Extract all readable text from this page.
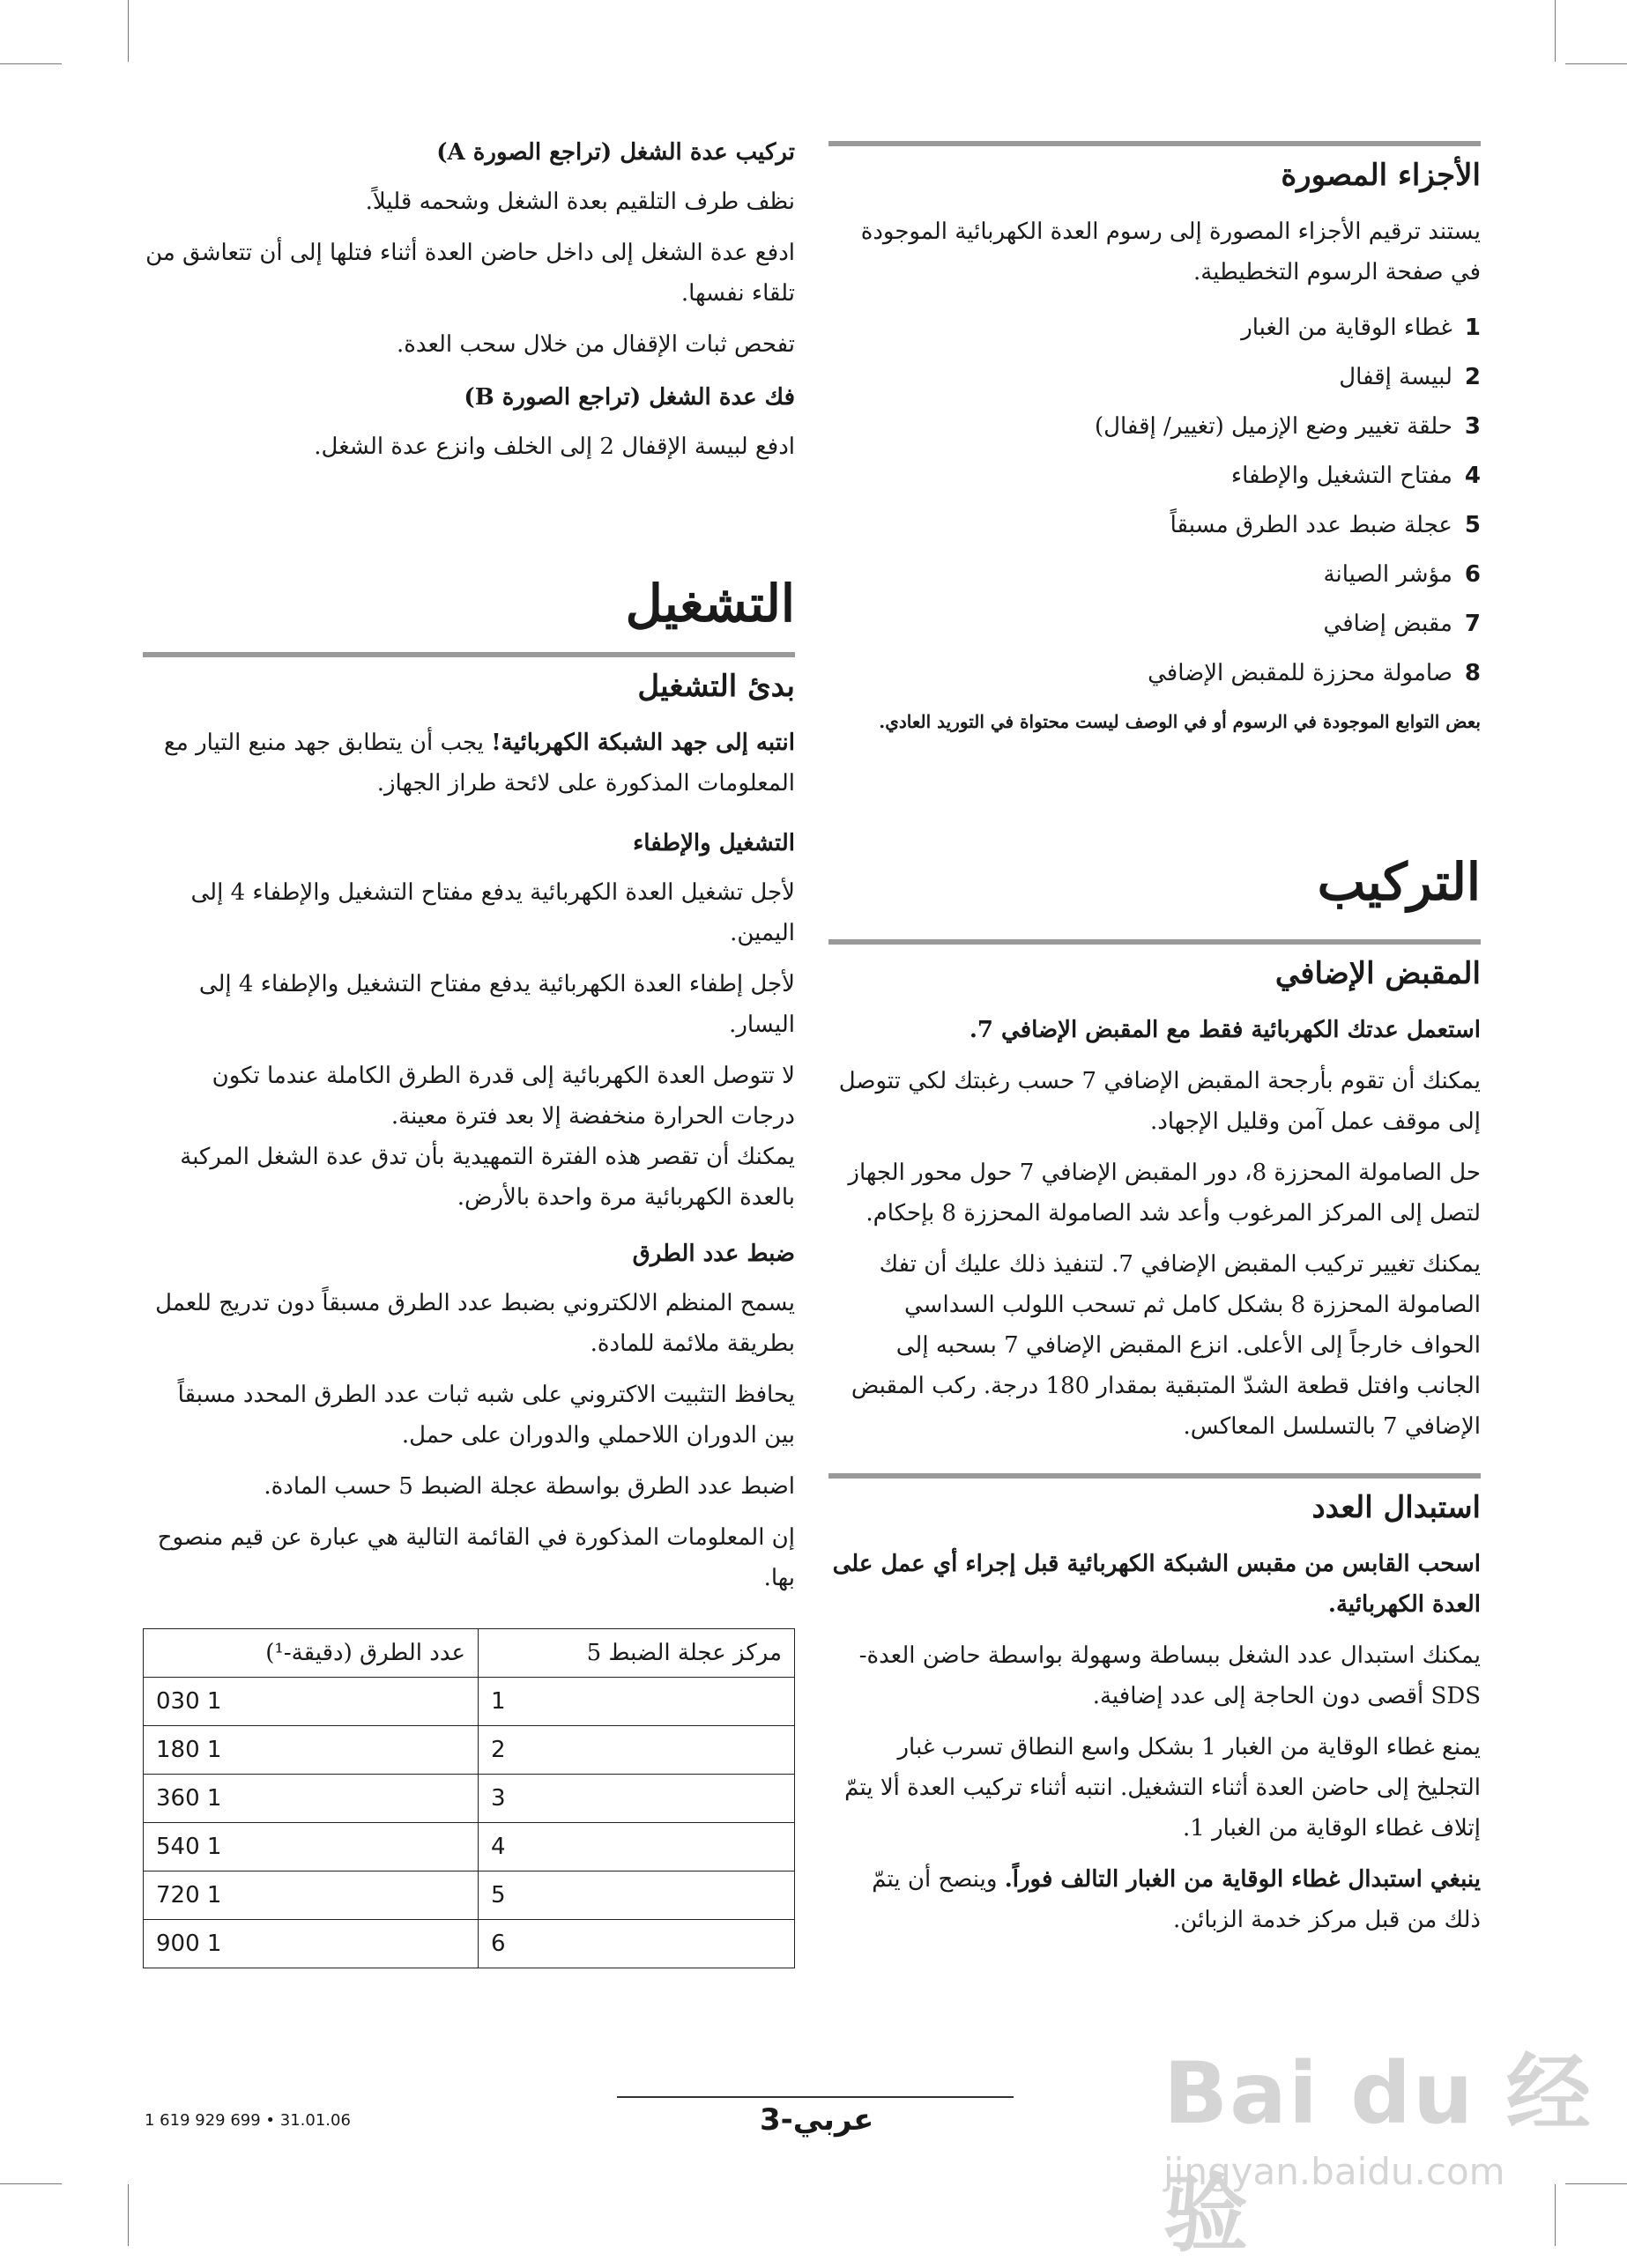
الأجزاء المصورة

يستند ترقيم الأجزاء المصورة إلى رسوم العدة الكهربائية الموجودة في صفحة الرسوم التخطيطية.

1غطاء الوقاية من الغبار
2لبيسة إقفال
3حلقة تغيير وضع الإزميل (تغيير/ إقفال)
4مفتاح التشغيل والإطفاء
5عجلة ضبط عدد الطرق مسبقاً
6مؤشر الصيانة
7مقبض إضافي
8صامولة محززة للمقبض الإضافي

بعض التوابع الموجودة في الرسوم أو في الوصف ليست محتواة في التوريد العادي.

التركيب
المقبض الإضافي

استعمل عدتك الكهربائية فقط مع المقبض الإضافي 7.

يمكنك أن تقوم بأرجحة المقبض الإضافي 7 حسب رغبتك لكي تتوصل إلى موقف عمل آمن وقليل الإجهاد.

حل الصامولة المحززة 8، دور المقبض الإضافي 7 حول محور الجهاز لتصل إلى المركز المرغوب وأعد شد الصامولة المحززة 8 بإحكام.

يمكنك تغيير تركيب المقبض الإضافي 7. لتنفيذ ذلك عليك أن تفك الصامولة المحززة 8 بشكل كامل ثم تسحب اللولب السداسي الحواف خارجاً إلى الأعلى. انزع المقبض الإضافي 7 بسحبه إلى الجانب وافتل قطعة الشدّ المتبقية بمقدار 180 درجة. ركب المقبض الإضافي 7 بالتسلسل المعاكس.

استبدال العدد

اسحب القابس من مقبس الشبكة الكهربائية قبل إجراء أي عمل على العدة الكهربائية.

يمكنك استبدال عدد الشغل ببساطة وسهولة بواسطة حاضن العدة-SDS أقصى دون الحاجة إلى عدد إضافية.

يمنع غطاء الوقاية من الغبار 1 بشكل واسع النطاق تسرب غبار التجليخ إلى حاضن العدة أثناء التشغيل. انتبه أثناء تركيب العدة ألا يتمّ إتلاف غطاء الوقاية من الغبار 1.

ينبغي استبدال غطاء الوقاية من الغبار التالف فوراً. وينصح أن يتمّ ذلك من قبل مركز خدمة الزبائن.

تركيب عدة الشغل (تراجع الصورة A)

نظف طرف التلقيم بعدة الشغل وشحمه قليلاً.

ادفع عدة الشغل إلى داخل حاضن العدة أثناء فتلها إلى أن تتعاشق من تلقاء نفسها.

تفحص ثبات الإقفال من خلال سحب العدة.

فك عدة الشغل (تراجع الصورة B)

ادفع لبيسة الإقفال 2 إلى الخلف وانزع عدة الشغل.

التشغيل
بدئ التشغيل

انتبه إلى جهد الشبكة الكهربائية! يجب أن يتطابق جهد منبع التيار مع المعلومات المذكورة على لائحة طراز الجهاز.

التشغيل والإطفاء

لأجل تشغيل العدة الكهربائية يدفع مفتاح التشغيل والإطفاء 4 إلى اليمين.

لأجل إطفاء العدة الكهربائية يدفع مفتاح التشغيل والإطفاء 4 إلى اليسار.

لا تتوصل العدة الكهربائية إلى قدرة الطرق الكاملة عندما تكون درجات الحرارة منخفضة إلا بعد فترة معينة.

يمكنك أن تقصر هذه الفترة التمهيدية بأن تدق عدة الشغل المركبة بالعدة الكهربائية مرة واحدة بالأرض.

ضبط عدد الطرق

يسمح المنظم الالكتروني بضبط عدد الطرق مسبقاً دون تدريج للعمل بطريقة ملائمة للمادة.

يحافظ التثبيت الاكتروني على شبه ثبات عدد الطرق المحدد مسبقاً بين الدوران اللاحملي والدوران على حمل.

اضبط عدد الطرق بواسطة عجلة الضبط 5 حسب المادة.

إن المعلومات المذكورة في القائمة التالية هي عبارة عن قيم منصوح بها.

مركز عجلة الضبط 5	عدد الطرق (دقيقة-¹)
1	1 030
2	1 180
3	1 360
4	1 540
5	1 720
6	1 900
عربي-3
1 619 929 699 • 31.01.06	Bai du 经验
jingyan.baidu.com
